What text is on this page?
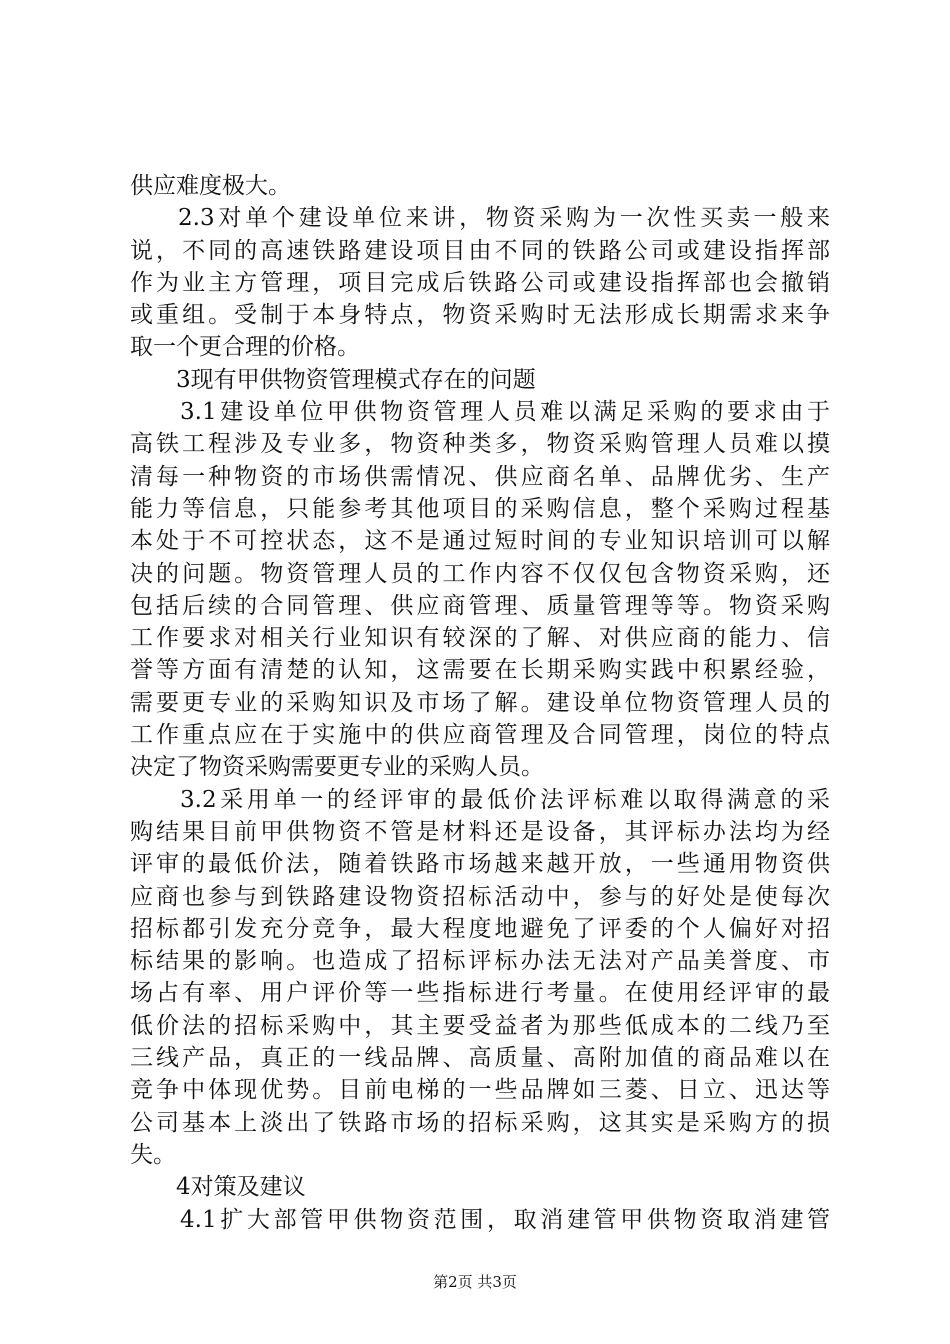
供应难度极大。
2.3对单个建设单位来讲，物资采购为一次性买卖一般来
说，不同的高速铁路建设项目由不同的铁路公司或建设指挥部
作为业主方管理，项目完成后铁路公司或建设指挥部也会撤销
或重组。受制于本身特点，物资采购时无法形成长期需求来争
取一个更合理的价格。
3现有甲供物资管理模式存在的问题
3.1建设单位甲供物资管理人员难以满足采购的要求由于
高铁工程涉及专业多，物资种类多，物资采购管理人员难以摸
清每一种物资的市场供需情况、供应商名单、品牌优劣、生产
能力等信息，只能参考其他项目的采购信息，整个采购过程基
本处于不可控状态，这不是通过短时间的专业知识培训可以解
决的问题。物资管理人员的工作内容不仅仅包含物资采购，还
包括后续的合同管理、供应商管理、质量管理等等。物资采购
工作要求对相关行业知识有较深的了解、对供应商的能力、信
誉等方面有清楚的认知，这需要在长期采购实践中积累经验，
需要更专业的采购知识及市场了解。建设单位物资管理人员的
工作重点应在于实施中的供应商管理及合同管理，岗位的特点
决定了物资采购需要更专业的采购人员。
3.2采用单一的经评审的最低价法评标难以取得满意的采
购结果目前甲供物资不管是材料还是设备，其评标办法均为经
评审的最低价法，随着铁路市场越来越开放，一些通用物资供
应商也参与到铁路建设物资招标活动中，参与的好处是使每次
招标都引发充分竞争，最大程度地避免了评委的个人偏好对招
标结果的影响。也造成了招标评标办法无法对产品美誉度、市
场占有率、用户评价等一些指标进行考量。在使用经评审的最
低价法的招标采购中，其主要受益者为那些低成本的二线乃至
三线产品，真正的一线品牌、高质量、高附加值的商品难以在
竞争中体现优势。目前电梯的一些品牌如三菱、日立、迅达等
公司基本上淡出了铁路市场的招标采购，这其实是采购方的损
失。
4对策及建议
4.1扩大部管甲供物资范围，取消建管甲供物资取消建管
第2页 共3页
